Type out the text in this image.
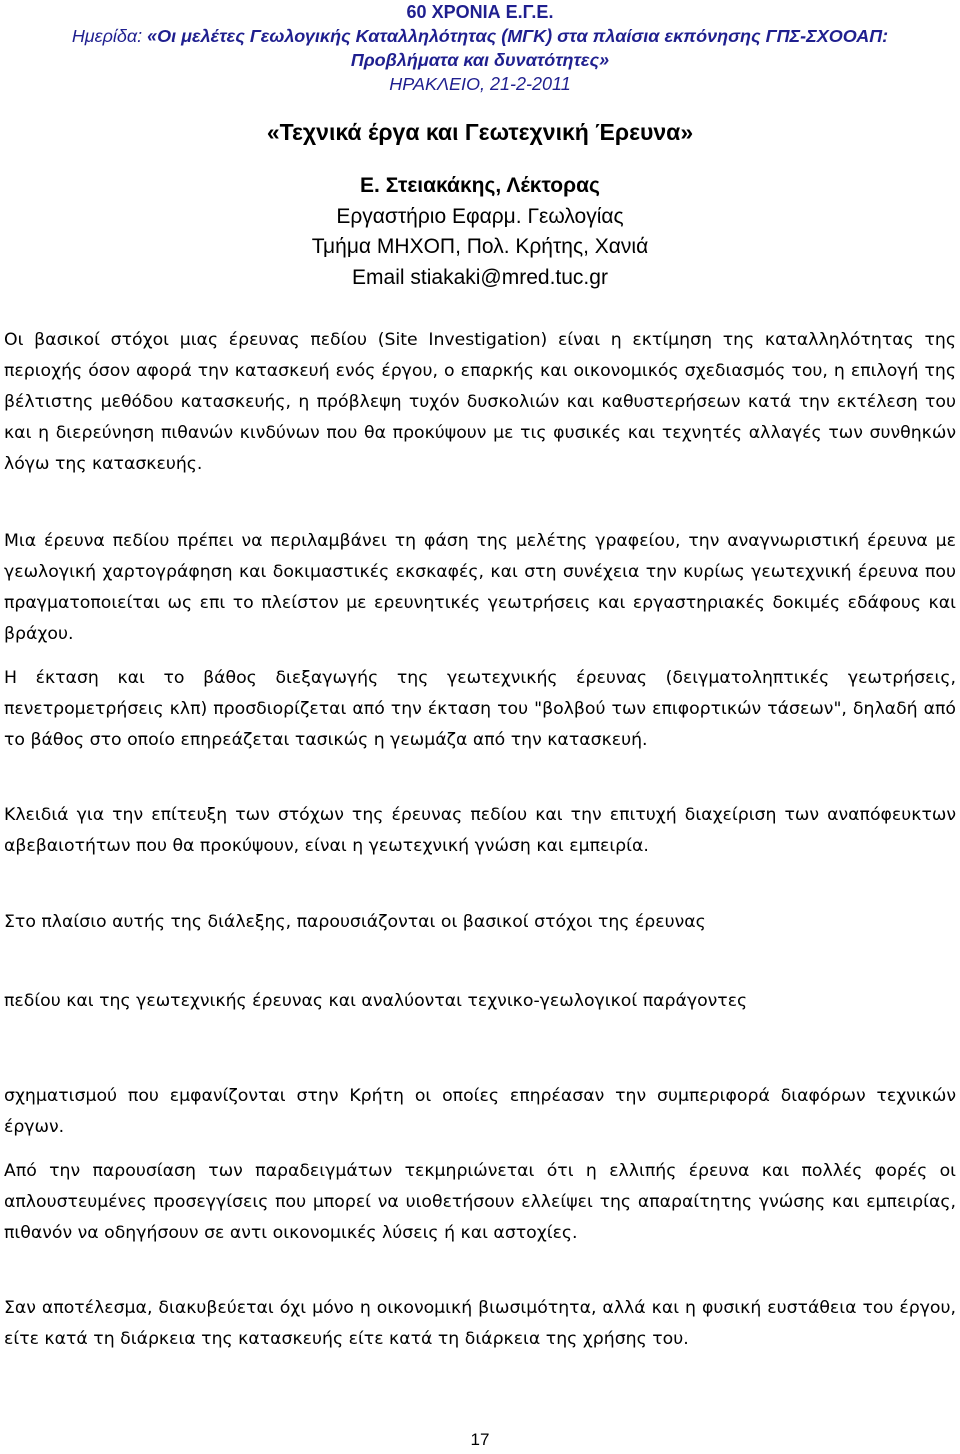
60 ΧΡΟΝΙΑ Ε.Γ.Ε.
Ημερίδα: «Οι μελέτες Γεωλογικής Καταλληλότητας (ΜΓΚ) στα πλαίσια εκπόνησης ΓΠΣ-ΣΧΟΟΑΠ:
Προβλήματα και δυνατότητες»
ΗΡΑΚΛΕΙΟ, 21-2-2011
«Τεχνικά έργα και Γεωτεχνική Έρευνα»
Ε. Στειακάκης, Λέκτορας
Εργαστήριο Εφαρμ. Γεωλογίας
Τμήμα ΜΗΧΟΠ, Πολ. Κρήτης, Χανιά
Email stiakaki@mred.tuc.gr

Οι βασικοί στόχοι μιας έρευνας πεδίου (Site Investigation) είναι η εκτίμηση της καταλληλότητας της περιοχής όσον αφορά την κατασκευή ενός έργου, ο επαρκής και οικονομικός σχεδιασμός του, η επιλογή της βέλτιστης μεθόδου κατασκευής, η πρόβλεψη τυχόν δυσκολιών και καθυστερήσεων κατά την εκτέλεση του και η διερεύνηση πιθανών κινδύνων που θα προκύψουν με τις φυσικές και τεχνητές αλλαγές των συνθηκών λόγω της κατασκευής.

Μια έρευνα πεδίου πρέπει να περιλαμβάνει τη φάση της μελέτης γραφείου, την αναγνωριστική έρευνα με γεωλογική χαρτογράφηση και δοκιμαστικές εκσκαφές, και στη συνέχεια την κυρίως γεωτεχνική έρευνα που πραγματοποιείται ως επι το πλείστον με ερευνητικές γεωτρήσεις και εργαστηριακές δοκιμές εδάφους και βράχου.

Η έκταση και το βάθος διεξαγωγής της γεωτεχνικής έρευνας (δειγματοληπτικές γεωτρήσεις, πενετρομετρήσεις κλπ) προσδιορίζεται από την έκταση του "βολβού των επιφορτικών τάσεων", δηλαδή από το βάθος στο οποίο επηρεάζεται τασικώς η γεωμάζα από την κατασκευή.

Κλειδιά για την επίτευξη των στόχων της έρευνας πεδίου και την επιτυχή διαχείριση των αναπόφευκτων αβεβαιοτήτων που θα προκύψουν, είναι η γεωτεχνική γνώση και εμπειρία.

Στο πλαίσιο αυτής της διάλεξης, παρουσιάζονται οι βασικοί στόχοι της έρευνας

πεδίου και της γεωτεχνικής έρευνας και αναλύονται τεχνικο-γεωλογικοί παράγοντες

σχηματισμού που εμφανίζονται στην Κρήτη οι οποίες επηρέασαν την συμπεριφορά διαφόρων τεχνικών έργων.

Από την παρουσίαση των παραδειγμάτων τεκμηριώνεται ότι η ελλιπής έρευνα και πολλές φορές οι απλουστευμένες προσεγγίσεις που μπορεί να υιοθετήσουν ελλείψει της απαραίτητης γνώσης και εμπειρίας, πιθανόν να οδηγήσουν σε αντι οικονομικές λύσεις ή και αστοχίες.

Σαν αποτέλεσμα, διακυβεύεται όχι μόνο η οικονομική βιωσιμότητα, αλλά και η φυσική ευστάθεια του έργου, είτε κατά τη διάρκεια της κατασκευής είτε κατά τη διάρκεια της χρήσης του.

17
